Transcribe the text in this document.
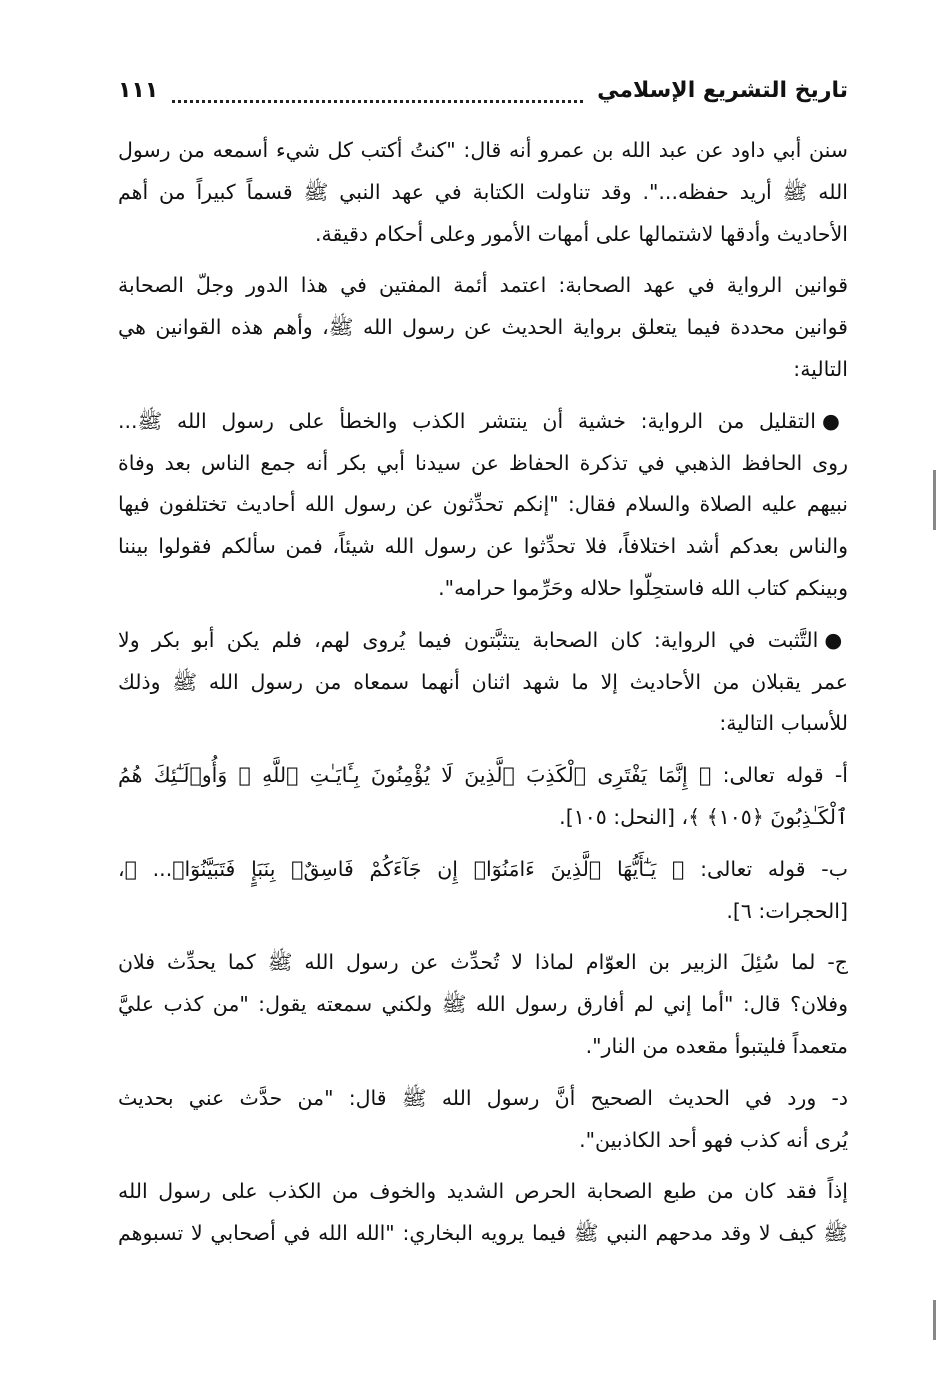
تاريخ التشريع الإسلامي
١١١
سنن أبي داود عن عبد الله بن عمرو أنه قال: "كنتُ أكتب كل شيء أسمعه من رسول
الله ﷺ أريد حفظه...". وقد تناولت الكتابة في عهد النبي ﷺ قسماً كبيراً من أهم
الأحاديث وأدقها لاشتمالها على أمهات الأمور وعلى أحكام دقيقة.
قوانين الرواية في عهد الصحابة: اعتمد أئمة المفتين في هذا الدور وجلّ الصحابة
قوانين محددة فيما يتعلق برواية الحديث عن رسول الله ﷺ، وأهم هذه القوانين هي
التالية:
●التقليل من الرواية: خشية أن ينتشر الكذب والخطأ على رسول الله ﷺ...
روى الحافظ الذهبي في تذكرة الحفاظ عن سيدنا أبي بكر أنه جمع الناس بعد وفاة
نبيهم عليه الصلاة والسلام فقال: "إنكم تحدِّثون عن رسول الله أحاديث تختلفون فيها
والناس بعدكم أشد اختلافاً، فلا تحدِّثوا عن رسول الله شيئاً، فمن سألكم فقولوا بيننا
وبينكم كتاب الله فاستحِلّوا حلاله وحَرِّموا حرامه".
●التَّثبت في الرواية: كان الصحابة يتثبَّتون فيما يُروى لهم، فلم يكن أبو بكر ولا
عمر يقبلان من الأحاديث إلا ما شهد اثنان أنهما سمعاه من رسول الله ﷺ وذلك
للأسباب التالية:
أ- قوله تعالى: ﴿ إِنَّمَا يَفْتَرِى ٱلْكَذِبَ ٱلَّذِينَ لَا يُؤْمِنُونَ بِـَٔايَـٰتِ ٱللَّهِ ۖ وَأُو۟لَـٰٓئِكَ هُمُ
ٱلْكَـٰذِبُونَ ﴿١٠٥﴾ ﴾، [النحل: ١٠٥].
ب- قوله تعالى: ﴿ يَـٰٓأَيُّهَا ٱلَّذِينَ ءَامَنُوٓا۟ إِن جَآءَكُمْ فَاسِقٌۢ بِنَبَإٍ فَتَبَيَّنُوٓا۟... ﴾،
[الحجرات: ٦].
ج- لما سُئِلَ الزبير بن العوّام لماذا لا تُحدِّث عن رسول الله ﷺ كما يحدِّث فلان
وفلان؟ قال: "أما إني لم أفارق رسول الله ﷺ ولكني سمعته يقول: "من كذب عليَّ
متعمداً فليتبوأ مقعده من النار".
د- ورد في الحديث الصحيح أنَّ رسول الله ﷺ قال: "من حدَّث عني بحديث
يُرى أنه كذب فهو أحد الكاذبين".
إذاً فقد كان من طبع الصحابة الحرص الشديد والخوف من الكذب على رسول الله
ﷺ كيف لا وقد مدحهم النبي ﷺ فيما يرويه البخاري: "الله الله في أصحابي لا تسبوهم
